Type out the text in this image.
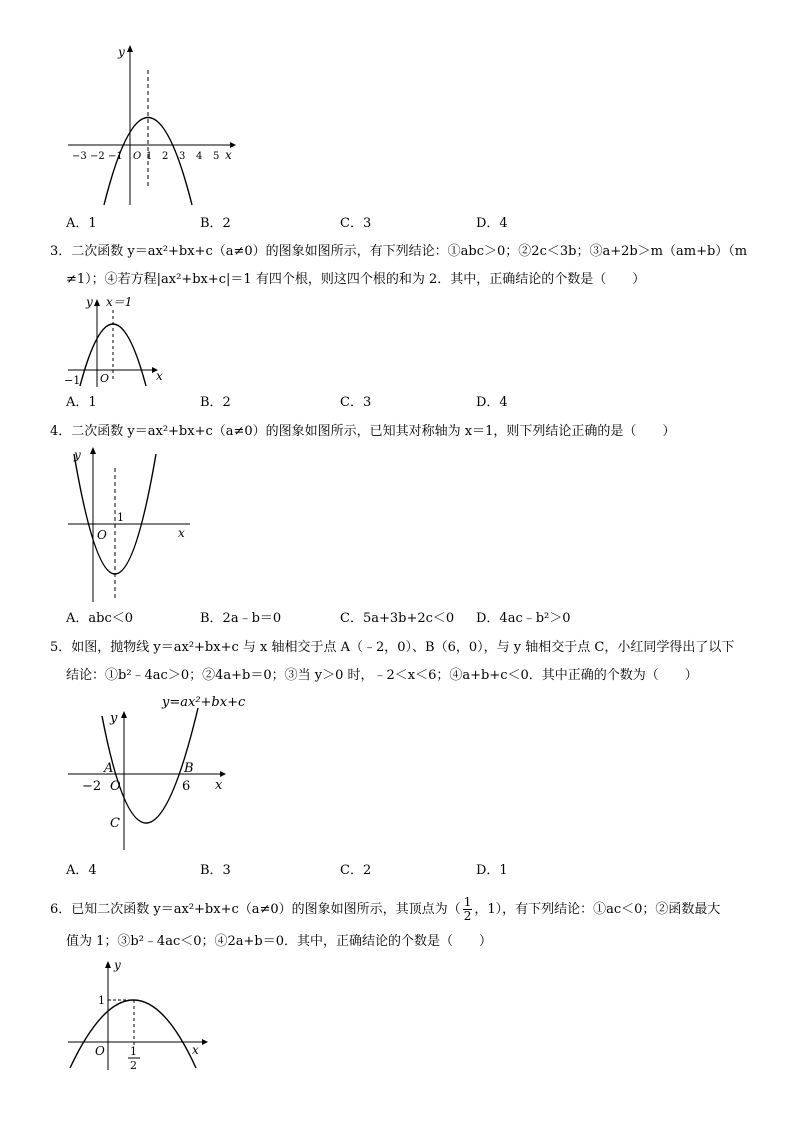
y
x
−3 −2 −1 O 1 2 3 4 5
A．1	B．2	C．3	D．4
3．二次函数 y＝ax²+bx+c（a≠0）的图象如图所示，有下列结论：①abc＞0；②2c＜3b；③a+2b＞m（am+b）（m
≠1）；④若方程|ax²+bx+c|＝1 有四个根，则这四个根的和为 2．其中，正确结论的个数是（　　）
y x＝1
x
−1 O
A．1	B．2	C．3	D．4
4．二次函数 y＝ax²+bx+c（a≠0）的图象如图所示，已知其对称轴为 x＝1，则下列结论正确的是（　　）
y
1
O	x
A．abc＜0	B．2a﹣b＝0	C．5a+3b+2c＜0 D．4ac﹣b²＞0
5．如图，抛物线 y＝ax²+bx+c 与 x 轴相交于点 A（﹣2，0）、B（6，0），与 y 轴相交于点 C，小红同学得出了以下
结论：①b²﹣4ac＞0；②4a+b＝0；③当 y＞0 时，﹣2＜x＜6；④a+b+c＜0．其中正确的个数为（　　）
y=ax²+bx+c
y
A	B
−2 O	6 x
C
A．4	B．3	C．2	D．1
6．已知二次函数 y＝ax²+bx+c（a≠0）的图象如图所示，其顶点为（ $\frac{1}{2}$ ，1），有下列结论：①ac＜0；②函数最大
值为 1；③b²﹣4ac＜0；④2a+b＝0．其中，正确结论的个数是（　　）
y
1
O 1
2
x
